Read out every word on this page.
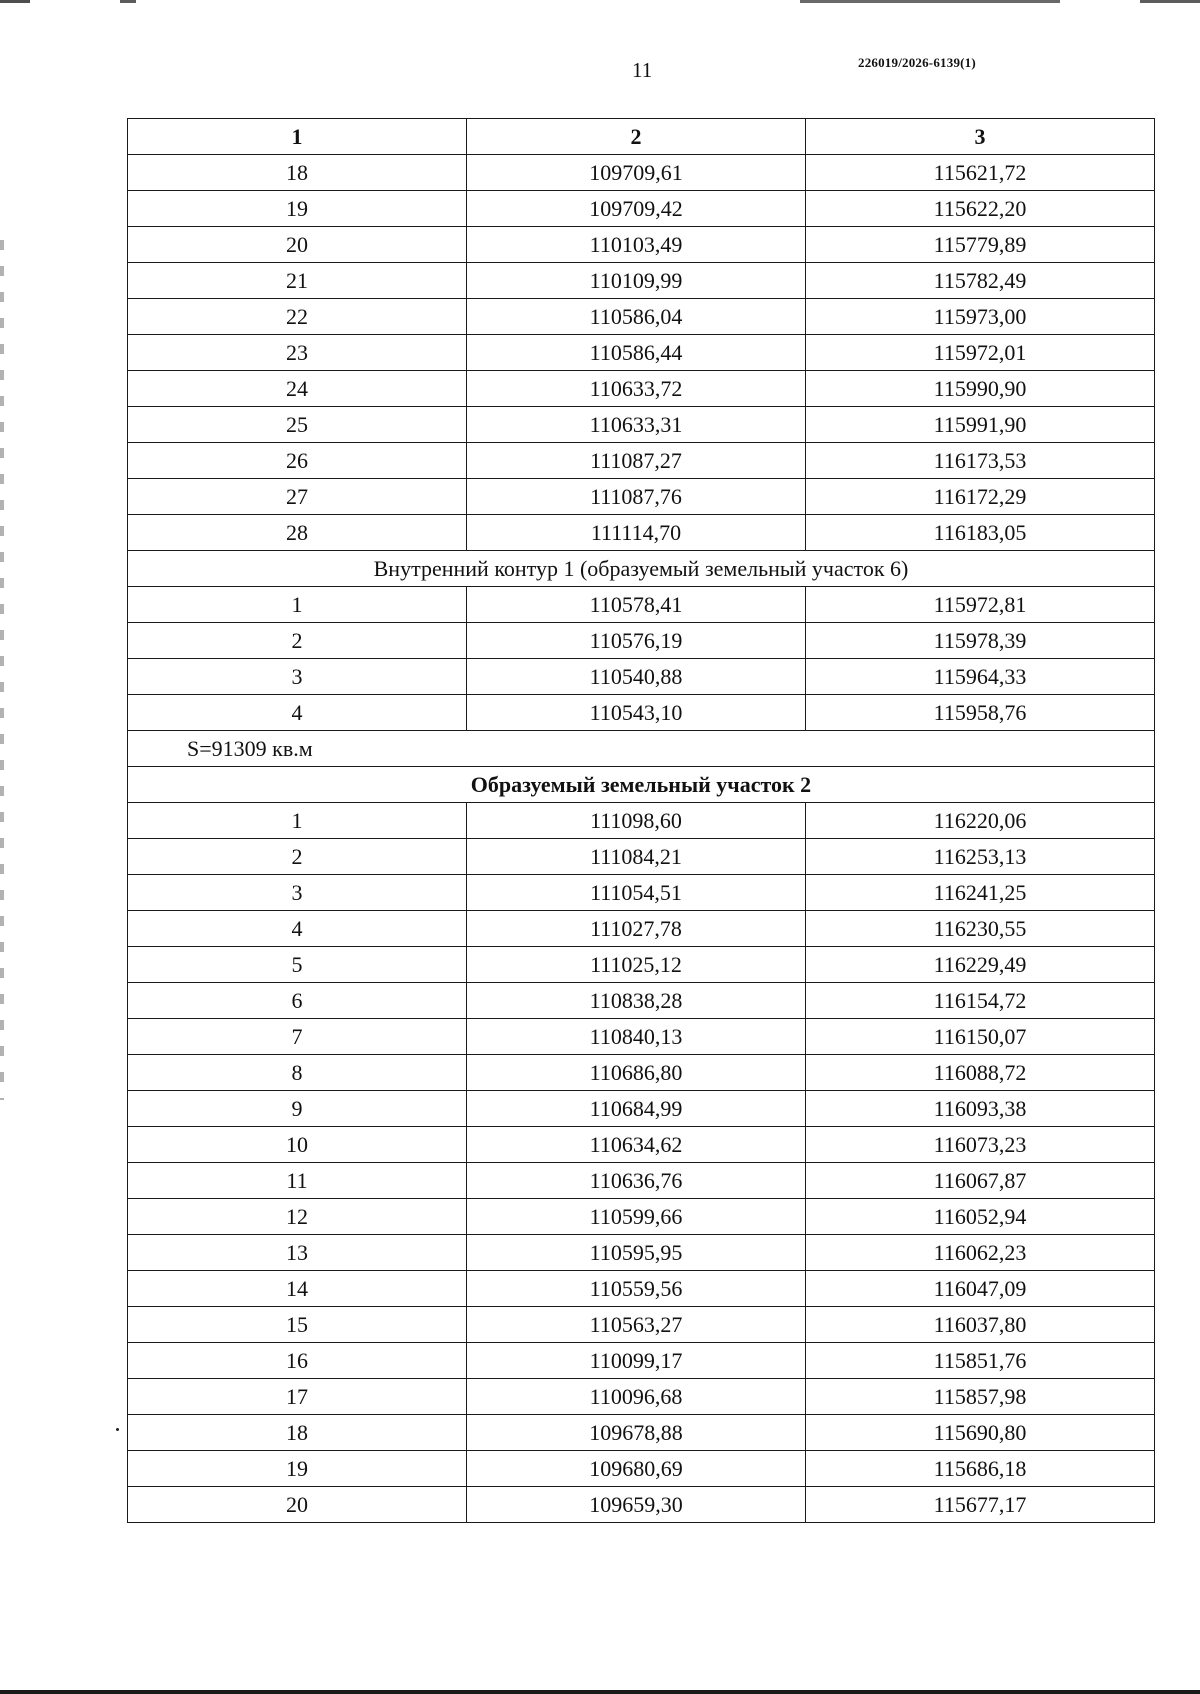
11	226019/2026-6139(1)
1	2	3
18	109709,61	115621,72
19	109709,42	115622,20
20	110103,49	115779,89
21	110109,99	115782,49
22	110586,04	115973,00
23	110586,44	115972,01
24	110633,72	115990,90
25	110633,31	115991,90
26	111087,27	116173,53
27	111087,76	116172,29
28	111114,70	116183,05
Внутренний контур 1 (образуемый земельный участок 6)		
1	110578,41	115972,81
2	110576,19	115978,39
3	110540,88	115964,33
4	110543,10	115958,76
S=91309 кв.м		
Образуемый земельный участок 2		
1	111098,60	116220,06
2	111084,21	116253,13
3	111054,51	116241,25
4	111027,78	116230,55
5	111025,12	116229,49
6	110838,28	116154,72
7	110840,13	116150,07
8	110686,80	116088,72
9	110684,99	116093,38
10	110634,62	116073,23
11	110636,76	116067,87
12	110599,66	116052,94
13	110595,95	116062,23
14	110559,56	116047,09
15	110563,27	116037,80
16	110099,17	115851,76
17	110096,68	115857,98
18	109678,88	115690,80
19	109680,69	115686,18
20	109659,30	115677,17
